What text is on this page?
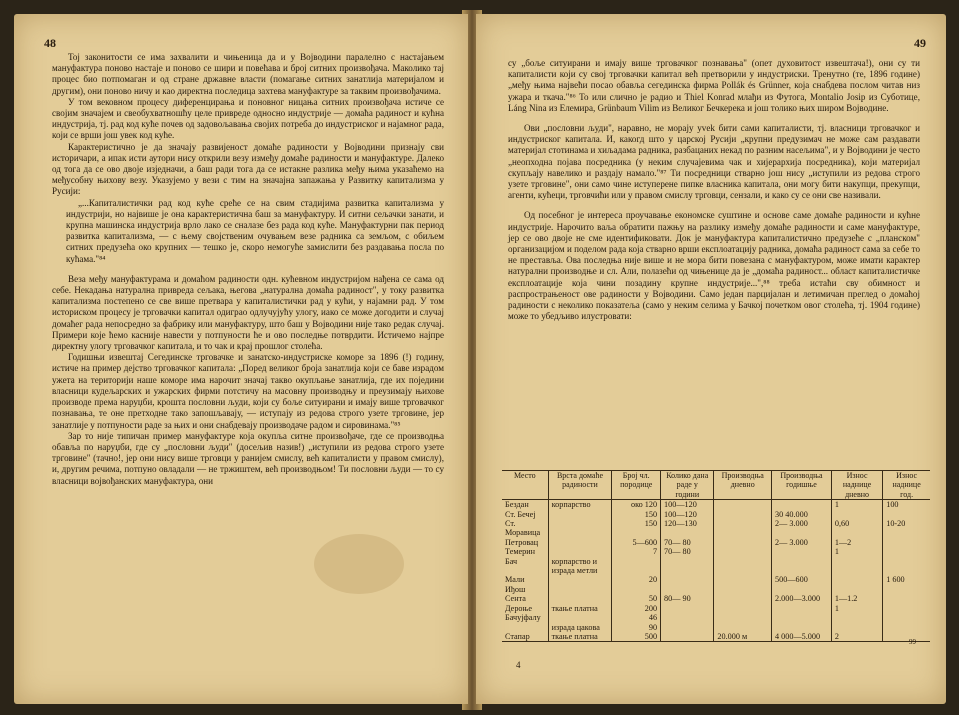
48

Тој законитости се има захвалити и чињеница да и у Војводини паралелно с настајањем мануфактура поново настаје и поново се шири и повећава и број ситних произвођача. Маколико тај процес био потпомаган и од стране државне власти (помагање ситних занатлија материјалом и другим), они поново ничу и као директна последица захтева мануфактуре за таквим произвођачима.

У том вековном процесу диференцирања и поновног ницања ситних произвођача истиче се својим значајем и свеобухватношћу целе привреде односно индустрије — домаћа радиност и кућна индустрија, тј. рад код куће почев од задовољавања својих потреба до индустриског и најамног рада, који се врши још увек код куће.

Карактеристично је да значају развијеност домаће радиности у Војводини признају сви историчари, а ипак исти аутори нису открили везу између домаће радиности и мануфактуре. Далеко од тога да се ово двоје изједначи, а баш ради тога да се истакне разлика међу њима указаћемо на међусобну њихову везу. Указујемо у вези с тим на значајна запажања у Развитку капитализма у Русији:

„...Капиталистички рад код куће среће се на свим стадијима развитка капитализма у индустрији, но највише је она карактеристична баш за мануфактуру. И ситни сељачки занати, и крупна машинска индустрија врло лако се сналазе без рада код куће. Мануфактурни пак период развитка капитализма, — с њему својственим очувањем везе радника са земљом, с обиљем ситних предузећа око крупних — тешко је, скоро немогуће замислити без раздавања посла по кућама."⁸⁴

Веза међу мануфактурама и домаћом радиности одн. кућевном индустријом нађена се сама од себе. Некадања натурална привреда сељака, његова „натурална домаћа радиност", у току развитка капитализма постепено се све више претвара у капиталистички рад у кући, у најамни рад. У том историском процесу је трговачки капитал одиграо одлучујућу улогу, иако се може догодити и случај домаћег рада непосредно за фабрику или мануфактуру, што баш у Војводини није тако редак случај. Примери које ћемо касније навести у потпуности ће и ово последње потврдити. Истичемо најпре директну улогу трговачког капитала, и то чак и крај прошлог столећа.

Годишњи извештај Сегединске трговачке и занатско-индустриске коморе за 1896 (!) годину, истиче на пример дејство трговачког капитала: „Поред великог броја занатлија који се баве израдом ужета на територији наше коморе има нарочит значај такво окупљање занатлија, где их поједини власници кудељарских и ужарских фирми потстичу на масовну производњу и преузимају њихове производе према наруџби, крошта пословни људи, који су боље ситуирани и имају више трговачког познавања, те оне претходне тако запошљавају, — иступају из редова строго узете трговине, јер занатлије у потпуности раде за њих и они снабдевају производаче радом и сировинама."⁸⁵

Зар то није типичан пример мануфактуре која окупља ситне произвођаче, где се производња обавља по наруџби, где су „пословни људи" (досељив назив!) „иступили из редова строго узете трговине" (тачно!, јер они нису више трговци у ранијем смислу, већ капиталисти у правом смислу), и, другим речима, потпуно овладали — не тржиштем, већ производњом! Ти пословни људи — то су власници војвођанских мануфактура, они

49

су „боље ситуирани и имају више трговачког познавања" (опет духовитост извештача!), они су ти капиталисти који су свој трговачки капитал већ претворили у индустриски. Тренутно (те, 1896 године) „међу њима највећи посао обавља сегединска фирма Pollák és Grünner, која снабдева послом читав низ ужара и ткача."⁸⁶ То или слично је радио и Thiel Konrad млађи из Футога, Montalio Josip из Суботице, Láng Nina из Елемира, Grünbaum Vilim из Великог Бечкерека и још толико њих широм Војводине.

Ови „пословни људи", наравно, не морају уvek бити сами капиталисти, тј. власници трговачког и индустриског капитала. И, какогд што у царској Русији „крупни предузимач не може сам раздавати материјал стотинама и хиљадама радника, разбацаних некад по разним насељима", и у Војводини је често „неопходна појава посредника (у неким случајевима чак и хијерархија посредника), који материјал скупљају навелико и раздају намало."⁸⁷ Ти посредници стварно још нису „иступили из редова строго узете трговине", они само чине иступерене пипке власника капитала, они могу бити накупци, прекупци, агенти, кућеци, трговчићи или у правом смислу трговци, сензали, и како су се они све називали.

Од посебног је интереса проучавање економске суштине и основе саме домаће радиности и кућне индустрије. Нарочито ваља обратити пажњу на разлику између домаће радиности и саме мануфактуре, јер се ово двоје не сме идентификовати. Док је мануфактура капиталистично предузеће с „планском" организацијом и поделом рада која стварно врши експлоатацију радника, домаћа радиност сама за себе то не престављa. Ова последња није више и не мора бити повезана с мануфактуром, може имати карактер натурални производње и сл. Али, полазећи од чињенице да је „домаћа радиност... област капиталистичке експлоатације која чини позадину крупне индустрије...",⁸⁸ треба истаћи сву обимност и распрострањеност ове радиности у Војводини. Само један парцијалан и летимичан преглед о домаћој радиности с неколико показатеља (само у неким селима у Бачкој почетком овог столећа, тј. 1904 године) може то убедљиво илустровати:

Место	Врста домаће радиности	Број чл. породице	Колико дана раде у години	Производња дневно	Производња годишње	Износ наднице дневно	Износ наднице год.
Бездан	корпарство	око 120	100—120			1	100
Ст. Бечеј		150	100—120		30 40.000		
Ст. Моравица		150	120—130		2— 3.000	0,60	10-20
Петровац		5—600	70— 80		2— 3.000	1—2	
Темерин		7	70— 80			1	
Бач	корпарство и израда метли						
Мали Иђош		20			500—600		1 600
Сента		50	80— 90		2.000—3.000	1—1.2	
Дероње	ткање платна	200				1	
Бачујфалу		46					
	израда цакова	90					
Стапар	ткање платна	500		20.000 м	4 000—5.000	2	
99
4
